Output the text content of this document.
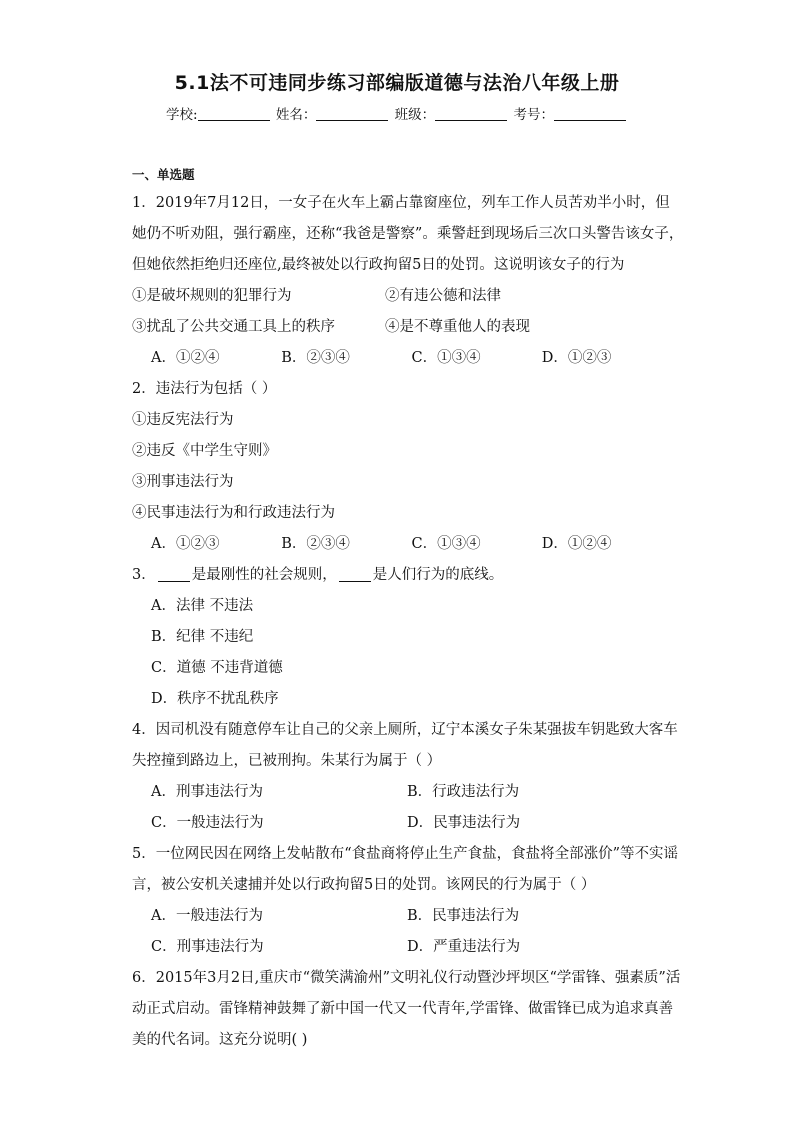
5.1法不可违同步练习部编版道德与法治八年级上册
学校:	姓名：	班级：	考号：
一、单选题
1．2019年7月12日，一女子在火车上霸占靠窗座位，列车工作人员苦劝半小时，但
她仍不听劝阻，强行霸座，还称“我爸是警察”。乘警赶到现场后三次口头警告该女子，
但她依然拒绝归还座位,最终被处以行政拘留5日的处罚。这说明该女子的行为
①是破坏规则的犯罪行为	②有违公德和法律
③扰乱了公共交通工具上的秩序	④是不尊重他人的表现
A．①②④	B．②③④	C．①③④	D．①②③
2．违法行为包括（ ）
①违反宪法行为
②违反《中学生守则》
③刑事违法行为
④民事违法行为和行政违法行为
A．①②③	B．②③④	C．①③④	D．①②④
3． 是最刚性的社会规则， 是人们行为的底线。
A．法律 不违法
B．纪律 不违纪
C．道德 不违背道德
D．秩序不扰乱秩序
4．因司机没有随意停车让自己的父亲上厕所，辽宁本溪女子朱某强拔车钥匙致大客车
失控撞到路边上，已被刑拘。朱某行为属于（ ）
A．刑事违法行为	B．行政违法行为
C．一般违法行为	D．民事违法行为
5．一位网民因在网络上发帖散布“食盐商将停止生产食盐，食盐将全部涨价”等不实谣
言，被公安机关逮捕并处以行政拘留5日的处罚。该网民的行为属于（ ）
A．一般违法行为	B．民事违法行为
C．刑事违法行为	D．严重违法行为
6．2015年3月2日,重庆市“微笑满渝州”文明礼仪行动暨沙坪坝区“学雷锋、强素质”活
动正式启动。雷锋精神鼓舞了新中国一代又一代青年,学雷锋、做雷锋已成为追求真善
美的代名词。这充分说明( )
